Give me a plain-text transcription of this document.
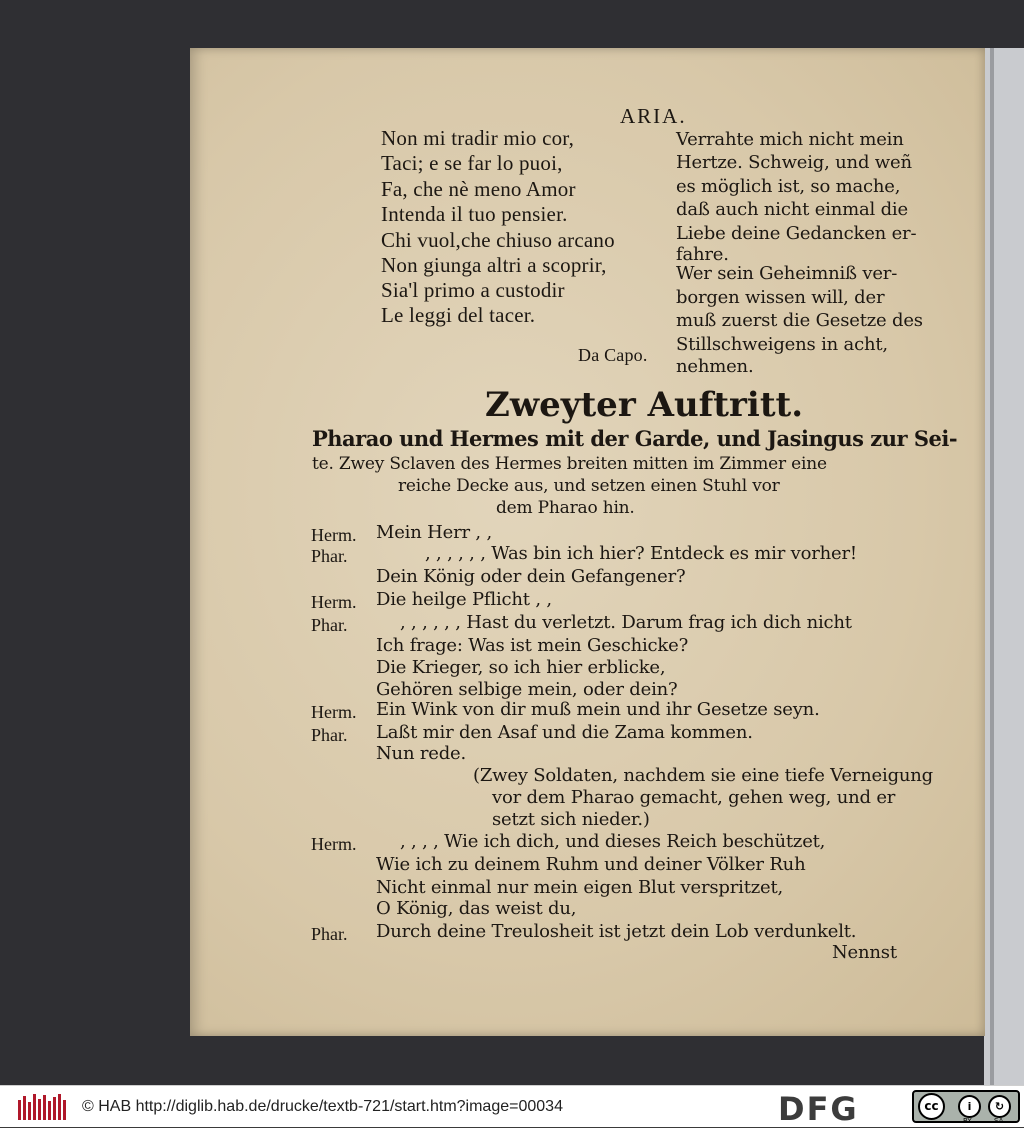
ARIA.
Non mi tradir mio cor,
Taci; e se far lo puoi,
Fa, che nè meno Amor
Intenda il tuo pensier.
Chi vuol,che chiuso arcano
Non giunga altri a scoprir,
Sia'l primo a custodir
Le leggi del tacer.
Da Capo.
Verrahte mich nicht mein
Hertze. Schweig, und weñ
es möglich ist, so mache,
daß auch nicht einmal die
Liebe deine Gedancken er-
fahre.
Wer sein Geheimniß ver-
borgen wissen will, der
muß zuerst die Gesetze des
Stillschweigens in acht,
nehmen.
Zweyter Auftritt.
Pharao und Hermes mit der Garde, und Jasingus zur Sei-
te. Zwey Sclaven des Hermes breiten mitten im Zimmer eine
reiche Decke aus, und setzen einen Stuhl vor
dem Pharao hin.
Herm.
Phar.
Herm.
Phar.
Herm.
Phar.
Herm.
Phar.
Mein Herr , ,
, , , , , , Was bin ich hier? Entdeck es mir vorher!
Dein König oder dein Gefangener?
Die heilge Pflicht , ,
, , , , , , Hast du verletzt. Darum frag ich dich nicht
Ich frage: Was ist mein Geschicke?
Die Krieger, so ich hier erblicke,
Gehören selbige mein, oder dein?
Ein Wink von dir muß mein und ihr Gesetze seyn.
Laßt mir den Asaf und die Zama kommen.
Nun rede.
(Zwey Soldaten, nachdem sie eine tiefe Verneigung
vor dem Pharao gemacht, gehen weg, und er
setzt sich nieder.)
, , , , Wie ich dich, und dieses Reich beschützet,
Wie ich zu deinem Ruhm und deiner Völker Ruh
Nicht einmal nur mein eigen Blut verspritzet,
O König, das weist du,
Durch deine Treulosheit ist jetzt dein Lob verdunkelt.
Nennst
© HAB http://diglib.hab.de/drucke/textb-721/start.htm?image=00034	DFG	cc	i	↻
BY	SA
